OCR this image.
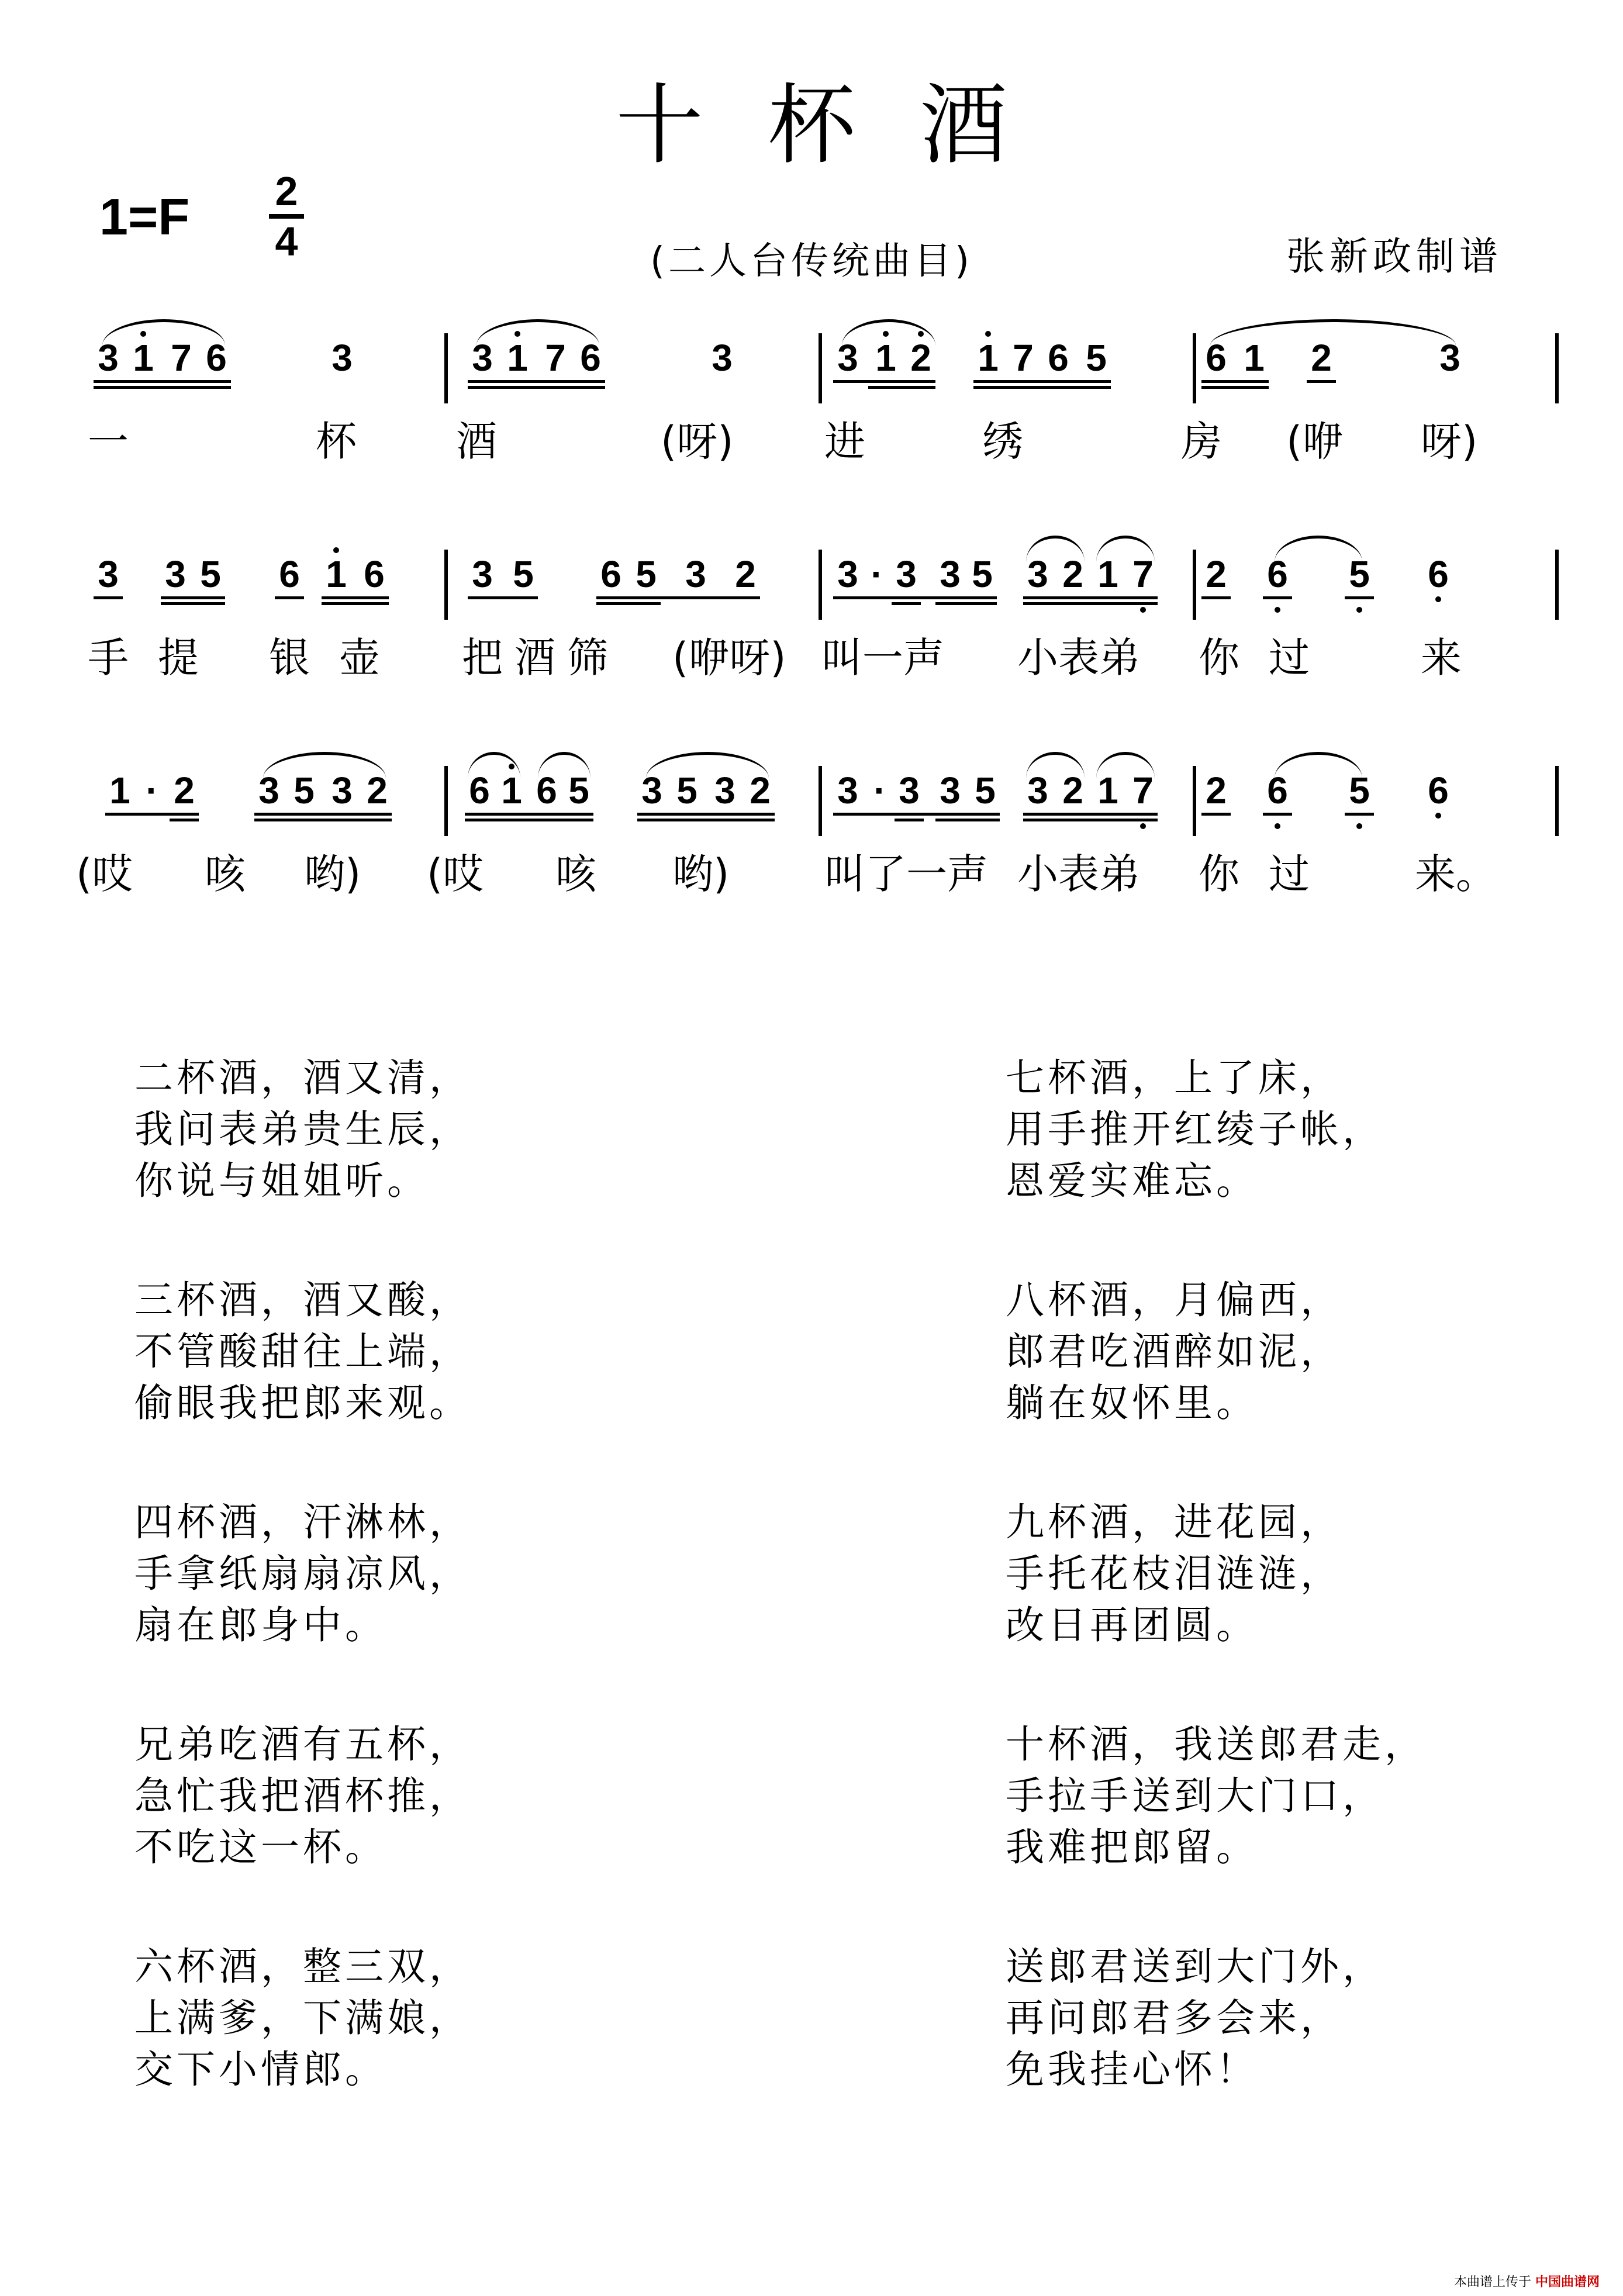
十杯酒
1=F 2
4	(二人台传统曲目)	张新政制谱
3 1 7 6	3	3 1 7 6	3	3 1 2 1 7 6 5	6 1 2	3
一	杯 酒	(呀) 进	绣	房 (咿 呀)
3 3 5 6 1 6 3 5 6 5 3 2 3 · 3 3 5 3 2 1 7 2 6 5 6
手提 银壶 把酒筛 (咿呀) 叫一声 小表弟 你过 来
1 · 2 3 5 3 2 6 1 6 5 3 5 3 2 3 · 3 3 5 3 2 1 7 2 6 5 6
(哎 咳 哟) (哎 咳 哟) 叫了一声 小表弟 你过 来。
二杯酒，酒又清，
我问表弟贵生辰，
你说与姐姐听。
三杯酒，酒又酸，
不管酸甜往上端，
偷眼我把郎来观。
四杯酒，汗淋林，
手拿纸扇扇凉风，
扇在郎身中。
兄弟吃酒有五杯，
急忙我把酒杯推，
不吃这一杯。
六杯酒，整三双，
上满爹，下满娘，
交下小情郎。
七杯酒，上了床，
用手推开红绫子帐，
恩爱实难忘。
八杯酒，月偏西，
郎君吃酒醉如泥，
躺在奴怀里。
九杯酒，进花园，
手托花枝泪涟涟，
改日再团圆。
十杯酒，我送郎君走，
手拉手送到大门口，
我难把郎留。
送郎君送到大门外，
再问郎君多会来，
免我挂心怀！
本曲谱上传于 中国曲谱网
